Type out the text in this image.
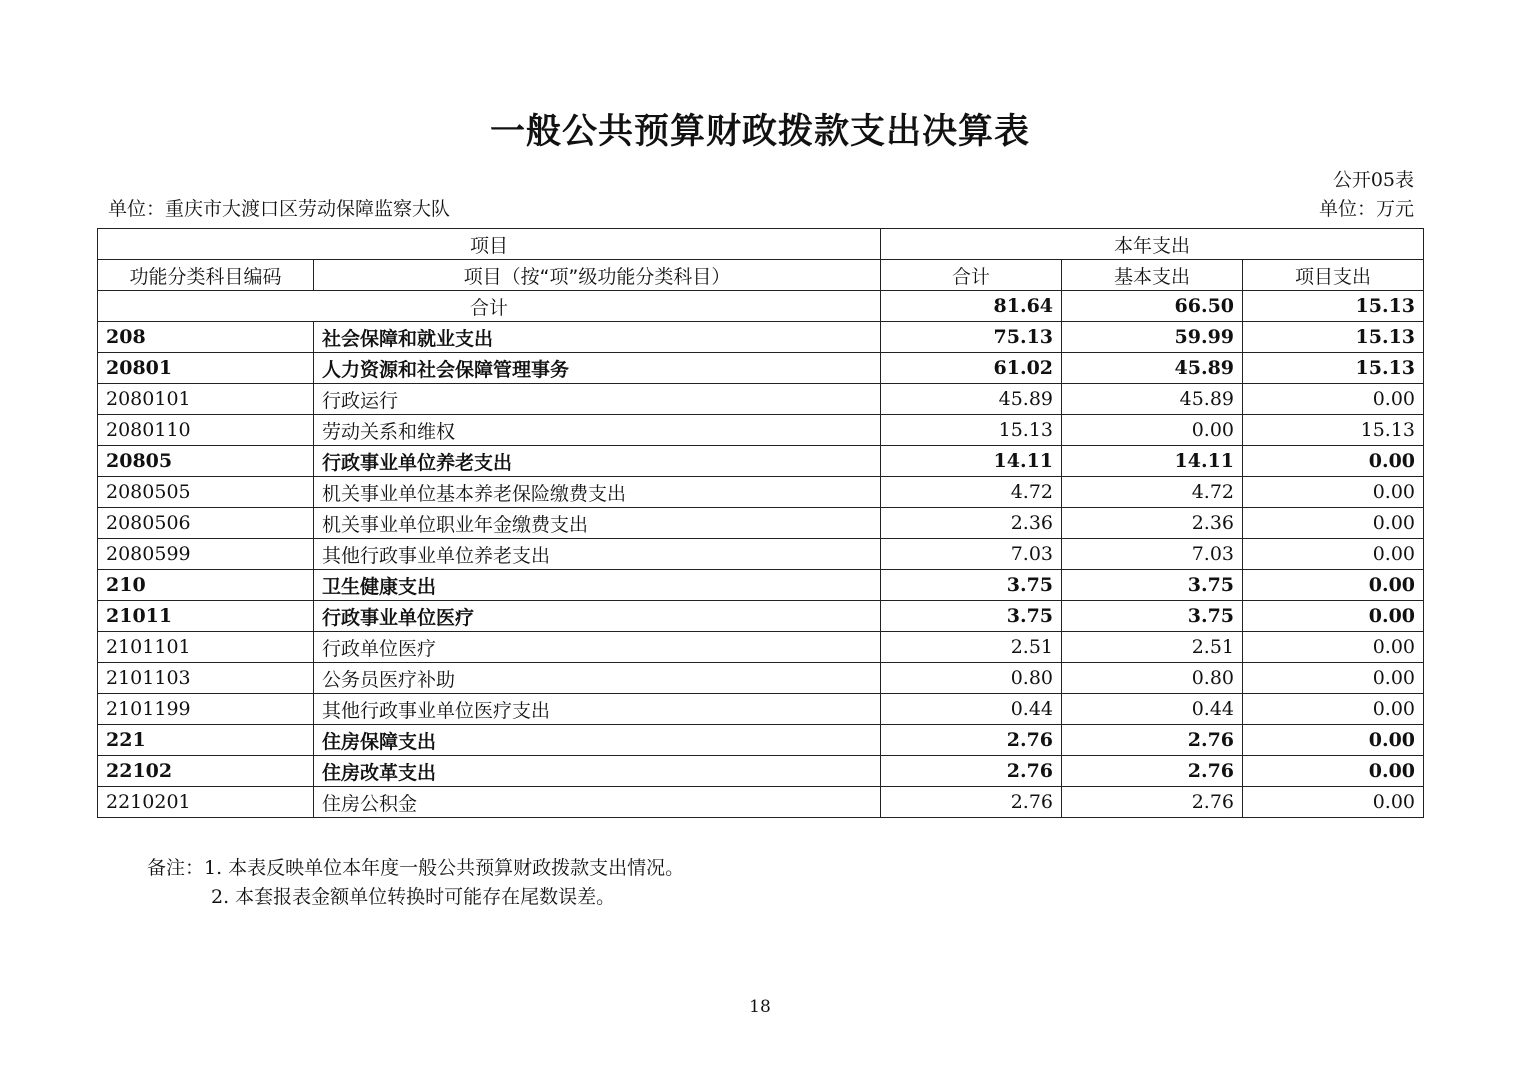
一般公共预算财政拨款支出决算表
公开05表
单位：重庆市大渡口区劳动保障监察大队	单位：万元
项目		本年支出		
功能分类科目编码	项目（按“项”级功能分类科目）	合计	基本支出	项目支出
合计		81.64	66.50	15.13
208	社会保障和就业支出	75.13	59.99	15.13
20801	人力资源和社会保障管理事务	61.02	45.89	15.13
2080101	行政运行	45.89	45.89	0.00
2080110	劳动关系和维权	15.13	0.00	15.13
20805	行政事业单位养老支出	14.11	14.11	0.00
2080505	机关事业单位基本养老保险缴费支出	4.72	4.72	0.00
2080506	机关事业单位职业年金缴费支出	2.36	2.36	0.00
2080599	其他行政事业单位养老支出	7.03	7.03	0.00
210	卫生健康支出	3.75	3.75	0.00
21011	行政事业单位医疗	3.75	3.75	0.00
2101101	行政单位医疗	2.51	2.51	0.00
2101103	公务员医疗补助	0.80	0.80	0.00
2101199	其他行政事业单位医疗支出	0.44	0.44	0.00
221	住房保障支出	2.76	2.76	0.00
22102	住房改革支出	2.76	2.76	0.00
2210201	住房公积金	2.76	2.76	0.00
备注：1. 本表反映单位本年度一般公共预算财政拨款支出情况。
2. 本套报表金额单位转换时可能存在尾数误差。
18
